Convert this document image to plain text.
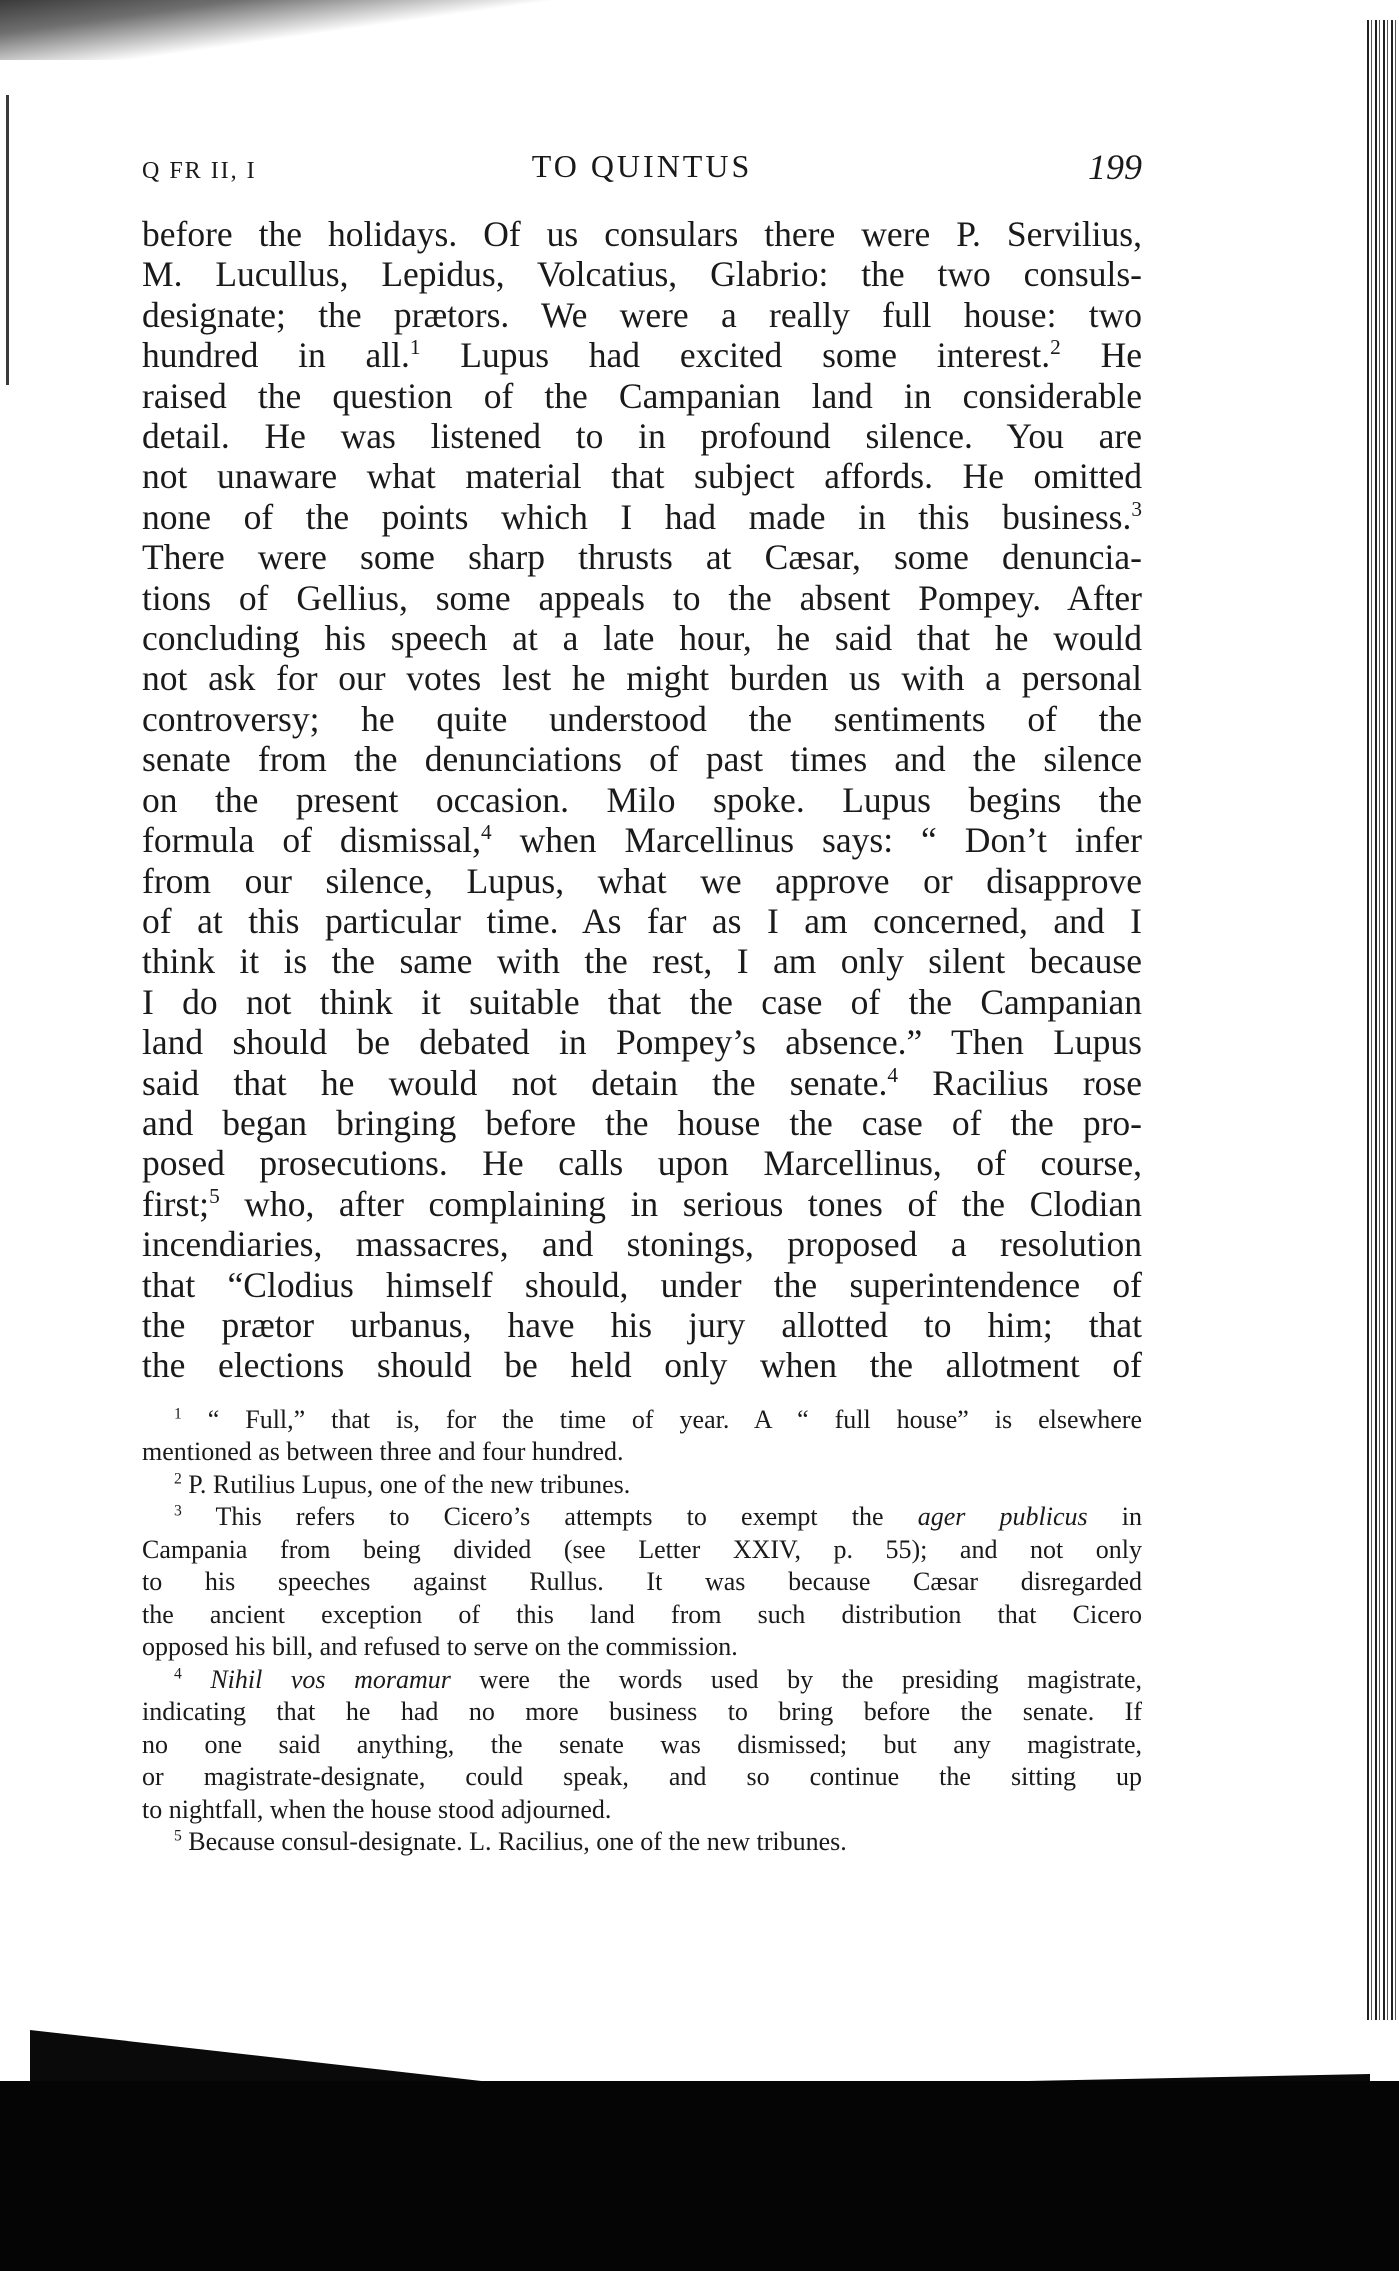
Q FR II, I	TO QUINTUS	199
before the holidays. Of us consulars there were P. Servilius,
M. Lucullus, Lepidus, Volcatius, Glabrio: the two consuls-
designate; the prætors. We were a really full house: two
hundred in all.$^1$ Lupus had excited some interest.$^2$ He
raised the question of the Campanian land in considerable
detail. He was listened to in profound silence. You are
not unaware what material that subject affords. He omitted
none of the points which I had made in this business.$^3$
There were some sharp thrusts at Cæsar, some denuncia-
tions of Gellius, some appeals to the absent Pompey. After
concluding his speech at a late hour, he said that he would
not ask for our votes lest he might burden us with a personal
controversy; he quite understood the sentiments of the
senate from the denunciations of past times and the silence
on the present occasion. Milo spoke. Lupus begins the
formula of dismissal,$^4$ when Marcellinus says: “ Don’t infer
from our silence, Lupus, what we approve or disapprove
of at this particular time. As far as I am concerned, and I
think it is the same with the rest, I am only silent because
I do not think it suitable that the case of the Campanian
land should be debated in Pompey’s absence.” Then Lupus
said that he would not detain the senate.$^4$ Racilius rose
and began bringing before the house the case of the pro-
posed prosecutions. He calls upon Marcellinus, of course,
first;$^5$ who, after complaining in serious tones of the Clodian
incendiaries, massacres, and stonings, proposed a resolution
that “Clodius himself should, under the superintendence of
the prætor urbanus, have his jury allotted to him; that
the elections should be held only when the allotment of
$^1$ “ Full,” that is, for the time of year. A “ full house” is elsewhere
mentioned as between three and four hundred.
$^2$ P. Rutilius Lupus, one of the new tribunes.
$^3$ This refers to Cicero’s attempts to exempt the ager publicus in
Campania from being divided (see Letter XXIV, p. 55); and not only
to his speeches against Rullus. It was because Cæsar disregarded
the ancient exception of this land from such distribution that Cicero
opposed his bill, and refused to serve on the commission.
$^4$ Nihil vos moramur were the words used by the presiding magistrate,
indicating that he had no more business to bring before the senate. If
no one said anything, the senate was dismissed; but any magistrate,
or magistrate-designate, could speak, and so continue the sitting up
to nightfall, when the house stood adjourned.
$^5$ Because consul-designate. L. Racilius, one of the new tribunes.
